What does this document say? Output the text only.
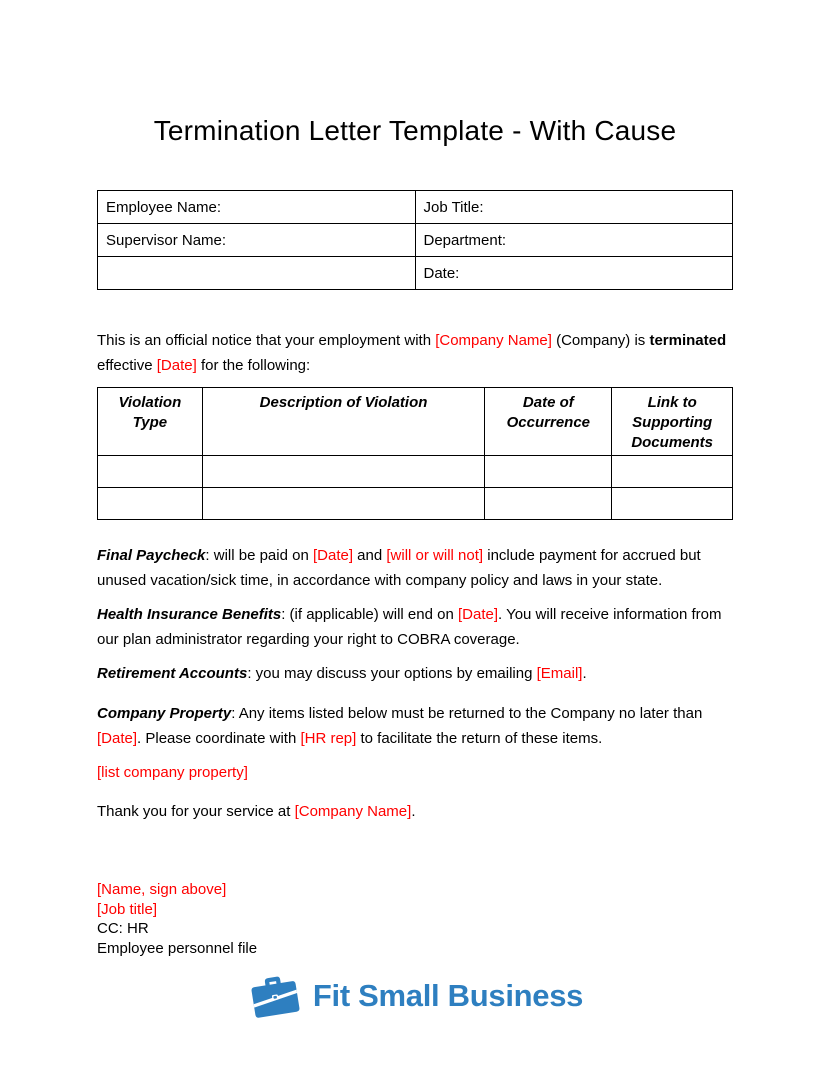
Termination Letter Template - With Cause
Employee Name:	Job Title:
Supervisor Name:	Department:
	Date:

This is an official notice that your employment with [Company Name] (Company) is terminated effective [Date] for the following:

Violation Type	Description of Violation	Date of Occurrence	Link to Supporting Documents

Final Paycheck: will be paid on [Date] and [will or will not] include payment for accrued but unused vacation/sick time, in accordance with company policy and laws in your state.

Health Insurance Benefits: (if applicable) will end on [Date]. You will receive information from our plan administrator regarding your right to COBRA coverage.

Retirement Accounts: you may discuss your options by emailing [Email].

Company Property: Any items listed below must be returned to the Company no later than [Date]. Please coordinate with [HR rep] to facilitate the return of these items.

[list company property]

Thank you for your service at [Company Name].

[Name, sign above]

[Job title]

CC: HR

Employee personnel file

Fit Small Business
